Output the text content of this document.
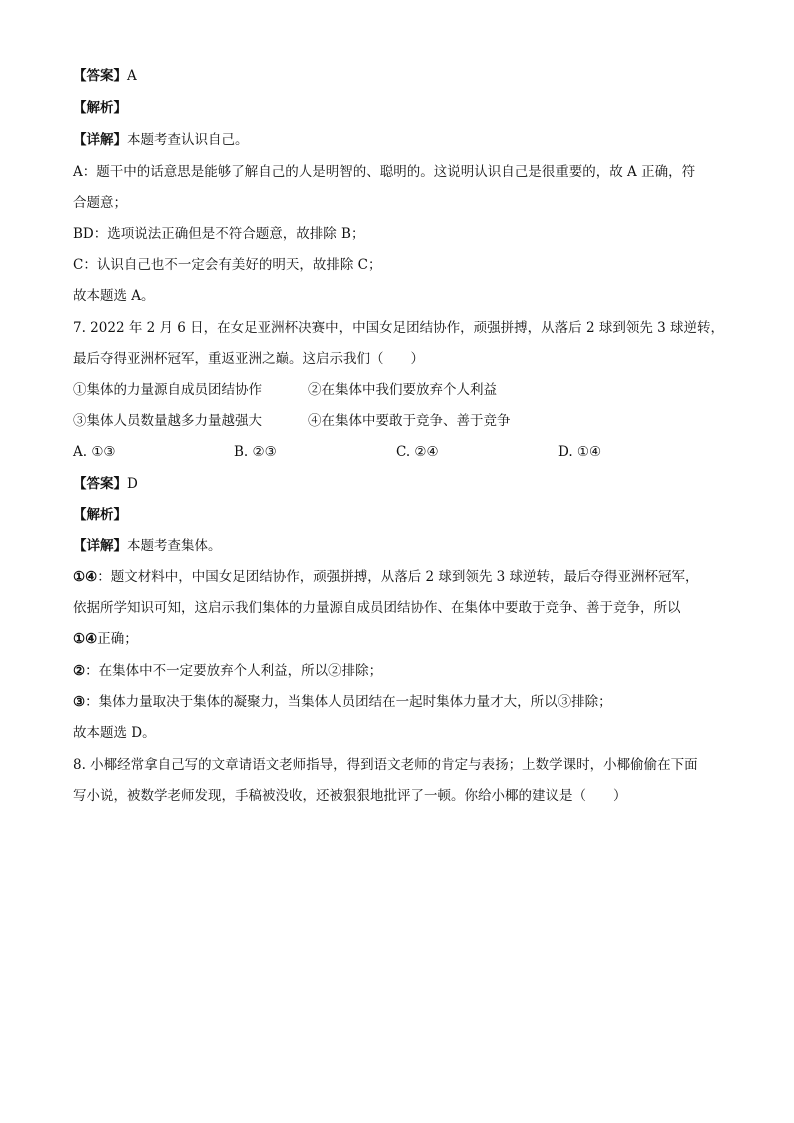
【答案】A
【解析】
【详解】本题考查认识自己。
A：题干中的话意思是能够了解自己的人是明智的、聪明的。这说明认识自己是很重要的，故 A 正确，符
合题意；
BD：选项说法正确但是不符合题意，故排除 B；
C：认识自己也不一定会有美好的明天，故排除 C；
故本题选 A。
7. 2022 年 2 月 6 日，在女足亚洲杯决赛中，中国女足团结协作，顽强拼搏，从落后 2 球到领先 3 球逆转，
最后夺得亚洲杯冠军，重返亚洲之巅。这启示我们（　　）
①集体的力量源自成员团结协作	②在集体中我们要放弃个人利益
③集体人员数量越多力量越强大	④在集体中要敢于竞争、善于竞争
A. ①③	B. ②③	C. ②④	D. ①④
【答案】D
【解析】
【详解】本题考查集体。
①④：题文材料中，中国女足团结协作，顽强拼搏，从落后 2 球到领先 3 球逆转，最后夺得亚洲杯冠军，
依据所学知识可知，这启示我们集体的力量源自成员团结协作、在集体中要敢于竞争、善于竞争，所以
①④正确；
②：在集体中不一定要放弃个人利益，所以②排除；
③：集体力量取决于集体的凝聚力，当集体人员团结在一起时集体力量才大，所以③排除；
故本题选 D。
8. 小椰经常拿自己写的文章请语文老师指导，得到语文老师的肯定与表扬；上数学课时，小椰偷偷在下面
写小说，被数学老师发现，手稿被没收，还被狠狠地批评了一顿。你给小椰的建议是（　　）
